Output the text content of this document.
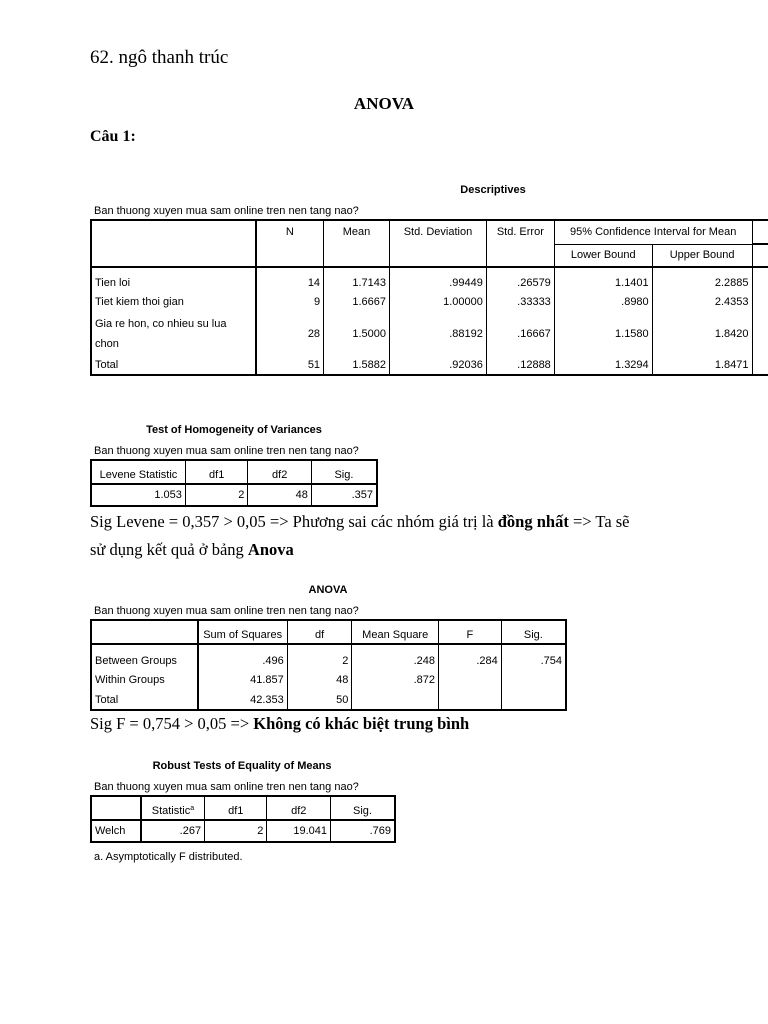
62. ngô thanh trúc
ANOVA
Câu 1:
Descriptives
Ban thuong xuyen mua sam online tren nen tang nao?
	N	Mean	Std. Deviation	Std. Error	95% Confidence Interval for Mean		
					Lower Bound	Upper Bound	
Tien loi	14	1.7143	.99449	.26579	1.1401	2.2885	
Tiet kiem thoi gian	9	1.6667	1.00000	.33333	.8980	2.4353	
Gia re hon, co nhieu su lua chon	28	1.5000	.88192	.16667	1.1580	1.8420	
Total	51	1.5882	.92036	.12888	1.3294	1.8471	
Test of Homogeneity of Variances
Ban thuong xuyen mua sam online tren nen tang nao?
Levene Statistic	df1	df2	Sig.
1.053	2	48	.357
Sig Levene = 0,357 > 0,05 => Phương sai các nhóm giá trị là đồng nhất => Ta sẽ
sử dụng kết quả ở bảng Anova
ANOVA
Ban thuong xuyen mua sam online tren nen tang nao?
	Sum of Squares	df	Mean Square	F	Sig.
Between Groups	.496	2	.248	.284	.754
Within Groups	41.857	48	.872		
Total	42.353	50			
Sig F = 0,754 > 0,05 => Không có khác biệt trung bình
Robust Tests of Equality of Means
Ban thuong xuyen mua sam online tren nen tang nao?
	Statistic$^a$	df1	df2	Sig.
Welch	.267	2	19.041	.769
a. Asymptotically F distributed.
